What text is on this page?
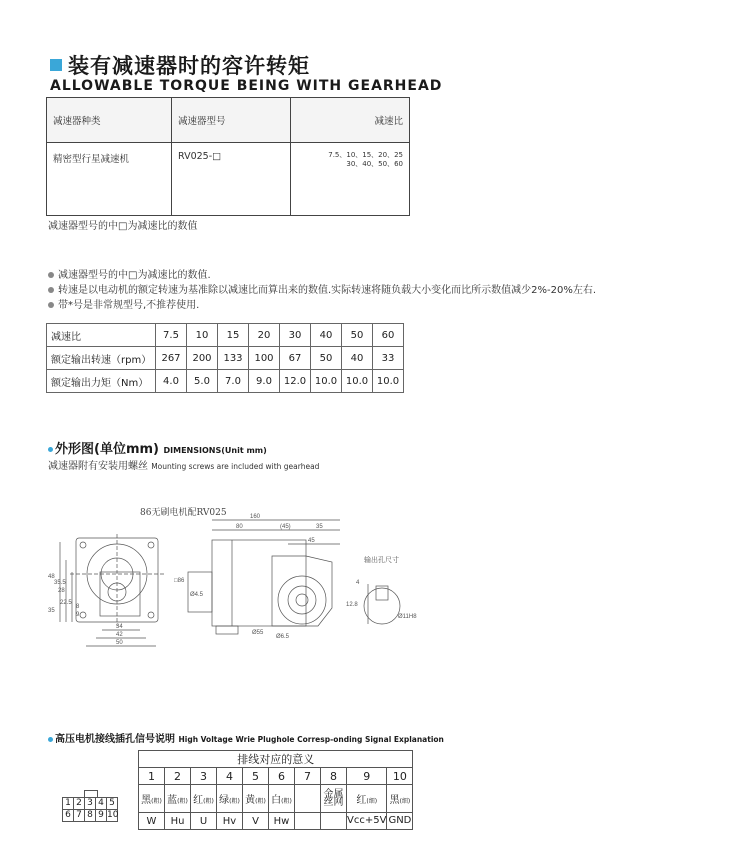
装有减速器时的容许转矩
ALLOWABLE TORQUE BEING WITH GEARHEAD
减速器种类	减速器型号	减速比
精密型行星减速机	RV025-□	7.5、10、15、20、25
30、40、50、60
减速器型号的中□为减速比的数值
减速器型号的中□为减速比的数值.
转速是以电动机的额定转速为基准除以减速比而算出来的数值.实际转速将随负载大小变化而比所示数值减少2%-20%左右.
带*号是非常规型号,不推荐使用.
减速比	7.5	10	15	20	30	40	50	60
额定输出转速（rpm）	267	200	133	100	67	50	40	33
额定输出力矩（Nm）	4.0	5.0	7.0	9.0	12.0	10.0	10.0	10.0
外形图(单位mm) DIMENSIONS(Unit mm)
减速器附有安装用螺丝 Mounting screws are included with gearhead
86无刷电机配RV025	160
80	(45)	35
45
48
35.5
28
35
22.5
8
9
34
42
50
□86
Ø4.5
Ø55
Ø6.5
4
12.8
Ø11H8
输出孔尺寸
高压电机接线插孔信号说明 High Voltage Wrie Plughole Corresp-onding Signal Explanation
1 2 3 4 5
6 7 8 9 10
排线对应的意义									
1	2	3	4	5	6	7	8	9	10
黑(粗)	蓝(粗)	红(粗)	绿(粗)	黄(粗)	白(粗)		金属丝网	红(细)	黑(细)
W	Hu	U	Hv	V	Hw			Vcc+5V	GND
